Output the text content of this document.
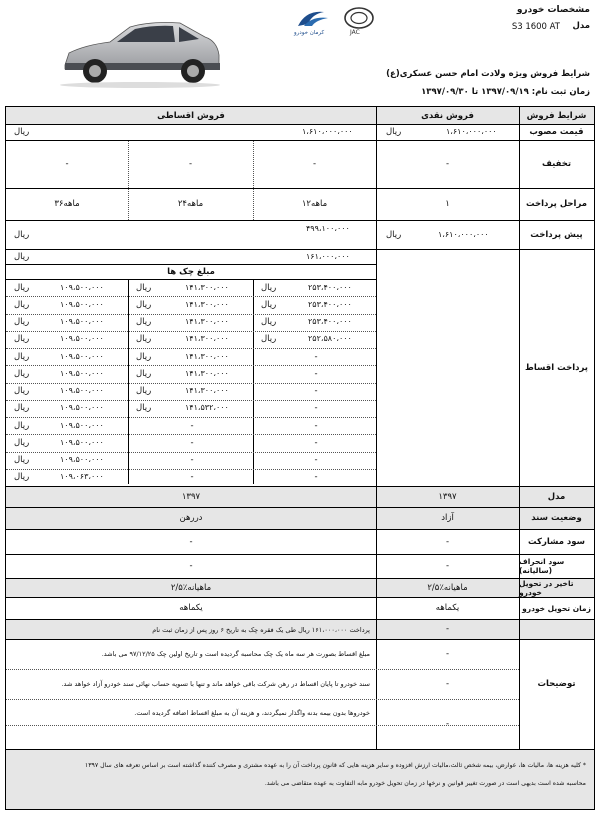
مشخصات خودرو
مدل
S3 1600 AT
شرایط فروش ویژه ولادت امام حسن عسکری(ع)
زمان ثبت نام: ۱۳۹۷/۰۹/۱۹ تا ۱۳۹۷/۰۹/۳۰
JAC
کرمان خودرو
شرایط فروش
فروش نقدی
فروش اقساطی
قیمت مصوب
تخفیف
مراحل پرداخت
پیش پرداخت
پرداخت اقساط
مدل
وضعیت سند
سود مشارکت
سود انحراف (سالیانه)
تاخیر در تحویل خودرو
زمان تحویل خودرو
توضیحات
۱،۶۱۰،۰۰۰،۰۰۰
ریال
۱،۶۱۰،۰۰۰،۰۰۰
ریال
-
-
-
-
۱
۱۲ماهه
۲۴ماهه
۳۶ماهه
۱،۶۱۰،۰۰۰،۰۰۰
ریال
۴۹۹،۱۰۰،۰۰۰
ریال
۱۶۱،۰۰۰،۰۰۰
ریال
مبلغ چک ها
۲۵۳،۴۰۰،۰۰۰
ریال
۱۴۱،۳۰۰،۰۰۰
ریال
۱۰۹،۵۰۰،۰۰۰
ریال
۲۵۳،۴۰۰،۰۰۰
ریال
۱۴۱،۳۰۰،۰۰۰
ریال
۱۰۹،۵۰۰،۰۰۰
ریال
۲۵۳،۴۰۰،۰۰۰
ریال
۱۴۱،۳۰۰،۰۰۰
ریال
۱۰۹،۵۰۰،۰۰۰
ریال
۲۵۲،۵۸۰،۰۰۰
ریال
۱۴۱،۳۰۰،۰۰۰
ریال
۱۰۹،۵۰۰،۰۰۰
ریال
-
۱۴۱،۳۰۰،۰۰۰
ریال
۱۰۹،۵۰۰،۰۰۰
ریال
-
۱۴۱،۳۰۰،۰۰۰
ریال
۱۰۹،۵۰۰،۰۰۰
ریال
-
۱۴۱،۳۰۰،۰۰۰
ریال
۱۰۹،۵۰۰،۰۰۰
ریال
-
۱۴۱،۵۳۲،۰۰۰
ریال
۱۰۹،۵۰۰،۰۰۰
ریال
-
-
۱۰۹،۵۰۰،۰۰۰
ریال
-
-
۱۰۹،۵۰۰،۰۰۰
ریال
-
-
۱۰۹،۵۰۰،۰۰۰
ریال
-
-
۱۰۹،۰۶۳،۰۰۰
ریال
۱۳۹۷
۱۳۹۷
آزاد
دررهن
-
-
-
-
۲/۵٪ماهیانه
۲/۵٪ماهیانه
یکماهه
یکماهه
-
-
-
-
پرداخت ۱۶۱،۰۰۰،۰۰۰ ریال طی یک فقره چک به تاریخ ۶ روز پس از زمان ثبت نام
مبلغ اقساط بصورت هر سه ماه یک چک محاسبه گردیده است و تاریخ اولین چک ۹۷/۱۲/۲۵ می باشد.
سند خودرو تا پایان اقساط در رهن شرکت باقی خواهد ماند و تنها با تسویه حساب نهائی سند خودرو آزاد خواهد شد.
خودروها بدون بیمه بدنه واگذار نمیگردند، و هزینه آن به مبلغ اقساط اضافه گردیده است.
* کلیه هزینه ها، مالیات ها، عوارض، بیمه شخص ثالث،مالیات ارزش افزوده و سایر هزینه هایی که قانون پرداخت آن را به عهده مشتری و مصرف کننده گذاشته است بر اساس تعرفه های سال ۱۳۹۷
محاسبه شده است بدیهی است در صورت تغییر قوانین و نرخها در زمان تحویل خودرو مابه التفاوت به عهده متقاضی می باشد.
